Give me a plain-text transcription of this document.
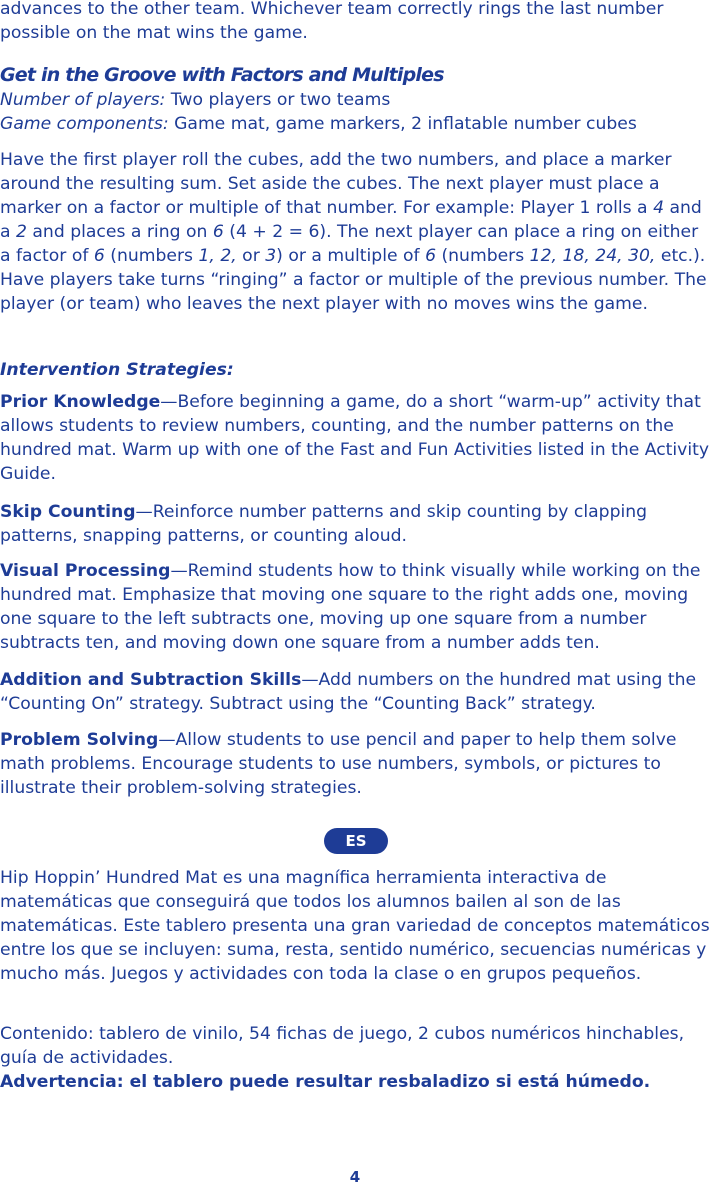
advances to the other team. Whichever team correctly rings the last number possible on the mat wins the game.
Get in the Groove with Factors and Multiples
Number of players: Two players or two teams
Game components: Game mat, game markers, 2 inflatable number cubes
Have the first player roll the cubes, add the two numbers, and place a marker around the resulting sum. Set aside the cubes. The next player must place a marker on a factor or multiple of that number. For example: Player 1 rolls a 4 and a 2 and places a ring on 6 (4 + 2 = 6). The next player can place a ring on either a factor of 6 (numbers 1, 2, or 3) or a multiple of 6 (numbers 12, 18, 24, 30, etc.). Have players take turns “ringing” a factor or multiple of the previous number. The player (or team) who leaves the next player with no moves wins the game.
Intervention Strategies:
Prior Knowledge—Before beginning a game, do a short “warm-up” activity that allows students to review numbers, counting, and the number patterns on the hundred mat. Warm up with one of the Fast and Fun Activities listed in the Activity Guide.
Skip Counting—Reinforce number patterns and skip counting by clapping patterns, snapping patterns, or counting aloud.
Visual Processing—Remind students how to think visually while working on the hundred mat. Emphasize that moving one square to the right adds one, moving one square to the left subtracts one, moving up one square from a number subtracts ten, and moving down one square from a number adds ten.
Addition and Subtraction Skills—Add numbers on the hundred mat using the “Counting On” strategy. Subtract using the “Counting Back” strategy.
Problem Solving—Allow students to use pencil and paper to help them solve math problems. Encourage students to use numbers, symbols, or pictures to illustrate their problem-solving strategies.
ES
Hip Hoppin’ Hundred Mat es una magnífica herramienta interactiva de matemáticas que conseguirá que todos los alumnos bailen al son de las matemáticas. Este tablero presenta una gran variedad de conceptos matemáticos entre los que se incluyen: suma, resta, sentido numérico, secuencias numéricas y mucho más. Juegos y actividades con toda la clase o en grupos pequeños.
Contenido: tablero de vinilo, 54 fichas de juego, 2 cubos numéricos hinchables, guía de actividades.
Advertencia: el tablero puede resultar resbaladizo si está húmedo.
4
